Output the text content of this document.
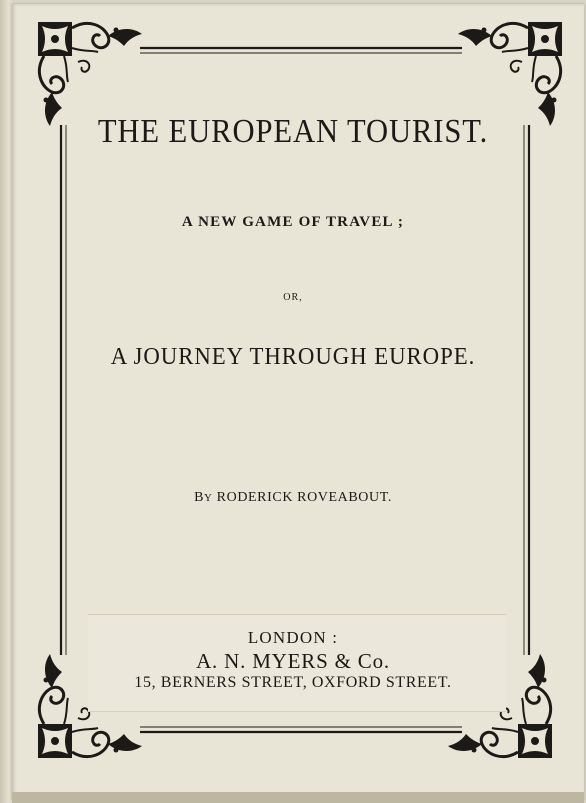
THE EUROPEAN TOURIST.
A NEW GAME OF TRAVEL ;
OR,
A JOURNEY THROUGH EUROPE.
BY RODERICK ROVEABOUT.
LONDON :
A. N. MYERS & Co.
15, BERNERS STREET, OXFORD STREET.
